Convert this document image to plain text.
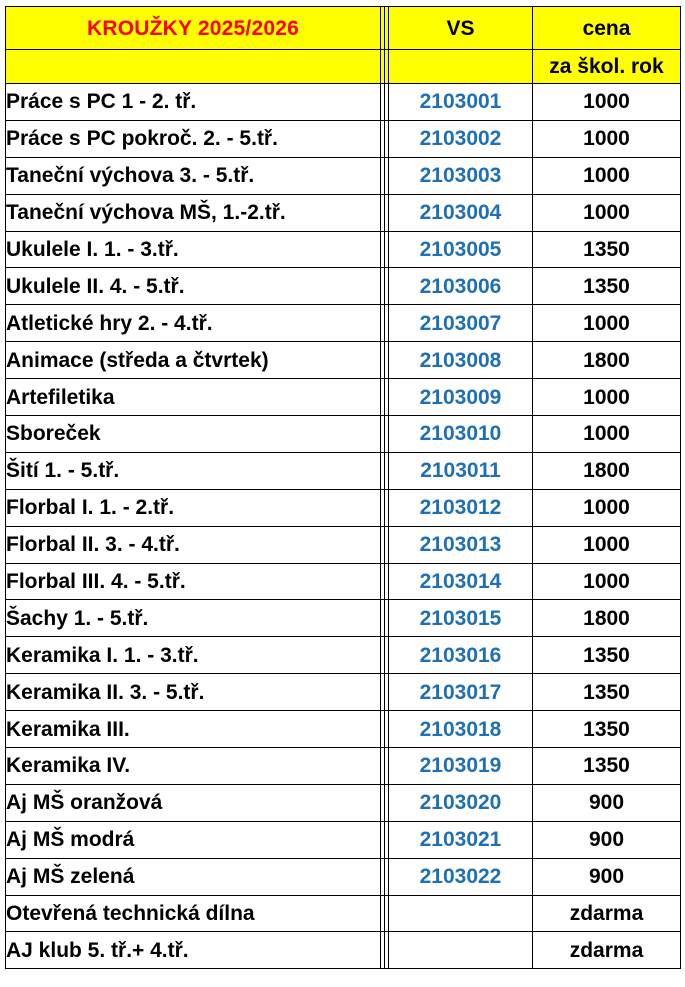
KROUŽKY 2025/2026		VS	cena
			za škol. rok
Práce s PC 1 - 2. tř.		2103001	1000
Práce s PC pokroč. 2. - 5.tř.		2103002	1000
Taneční výchova 3. - 5.tř.		2103003	1000
Taneční výchova MŠ, 1.-2.tř.		2103004	1000
Ukulele I. 1. - 3.tř.		2103005	1350
Ukulele II. 4. - 5.tř.		2103006	1350
Atletické hry 2. - 4.tř.		2103007	1000
Animace (středa a čtvrtek)		2103008	1800
Artefiletika		2103009	1000
Sboreček		2103010	1000
Šití 1. - 5.tř.		2103011	1800
Florbal I. 1. - 2.tř.		2103012	1000
Florbal II. 3. - 4.tř.		2103013	1000
Florbal III. 4. - 5.tř.		2103014	1000
Šachy 1. - 5.tř.		2103015	1800
Keramika I. 1. - 3.tř.		2103016	1350
Keramika II. 3. - 5.tř.		2103017	1350
Keramika III.		2103018	1350
Keramika IV.		2103019	1350
Aj MŠ oranžová		2103020	900
Aj MŠ modrá		2103021	900
Aj MŠ zelená		2103022	900
Otevřená technická dílna			zdarma
AJ klub 5. tř.+ 4.tř.			zdarma
